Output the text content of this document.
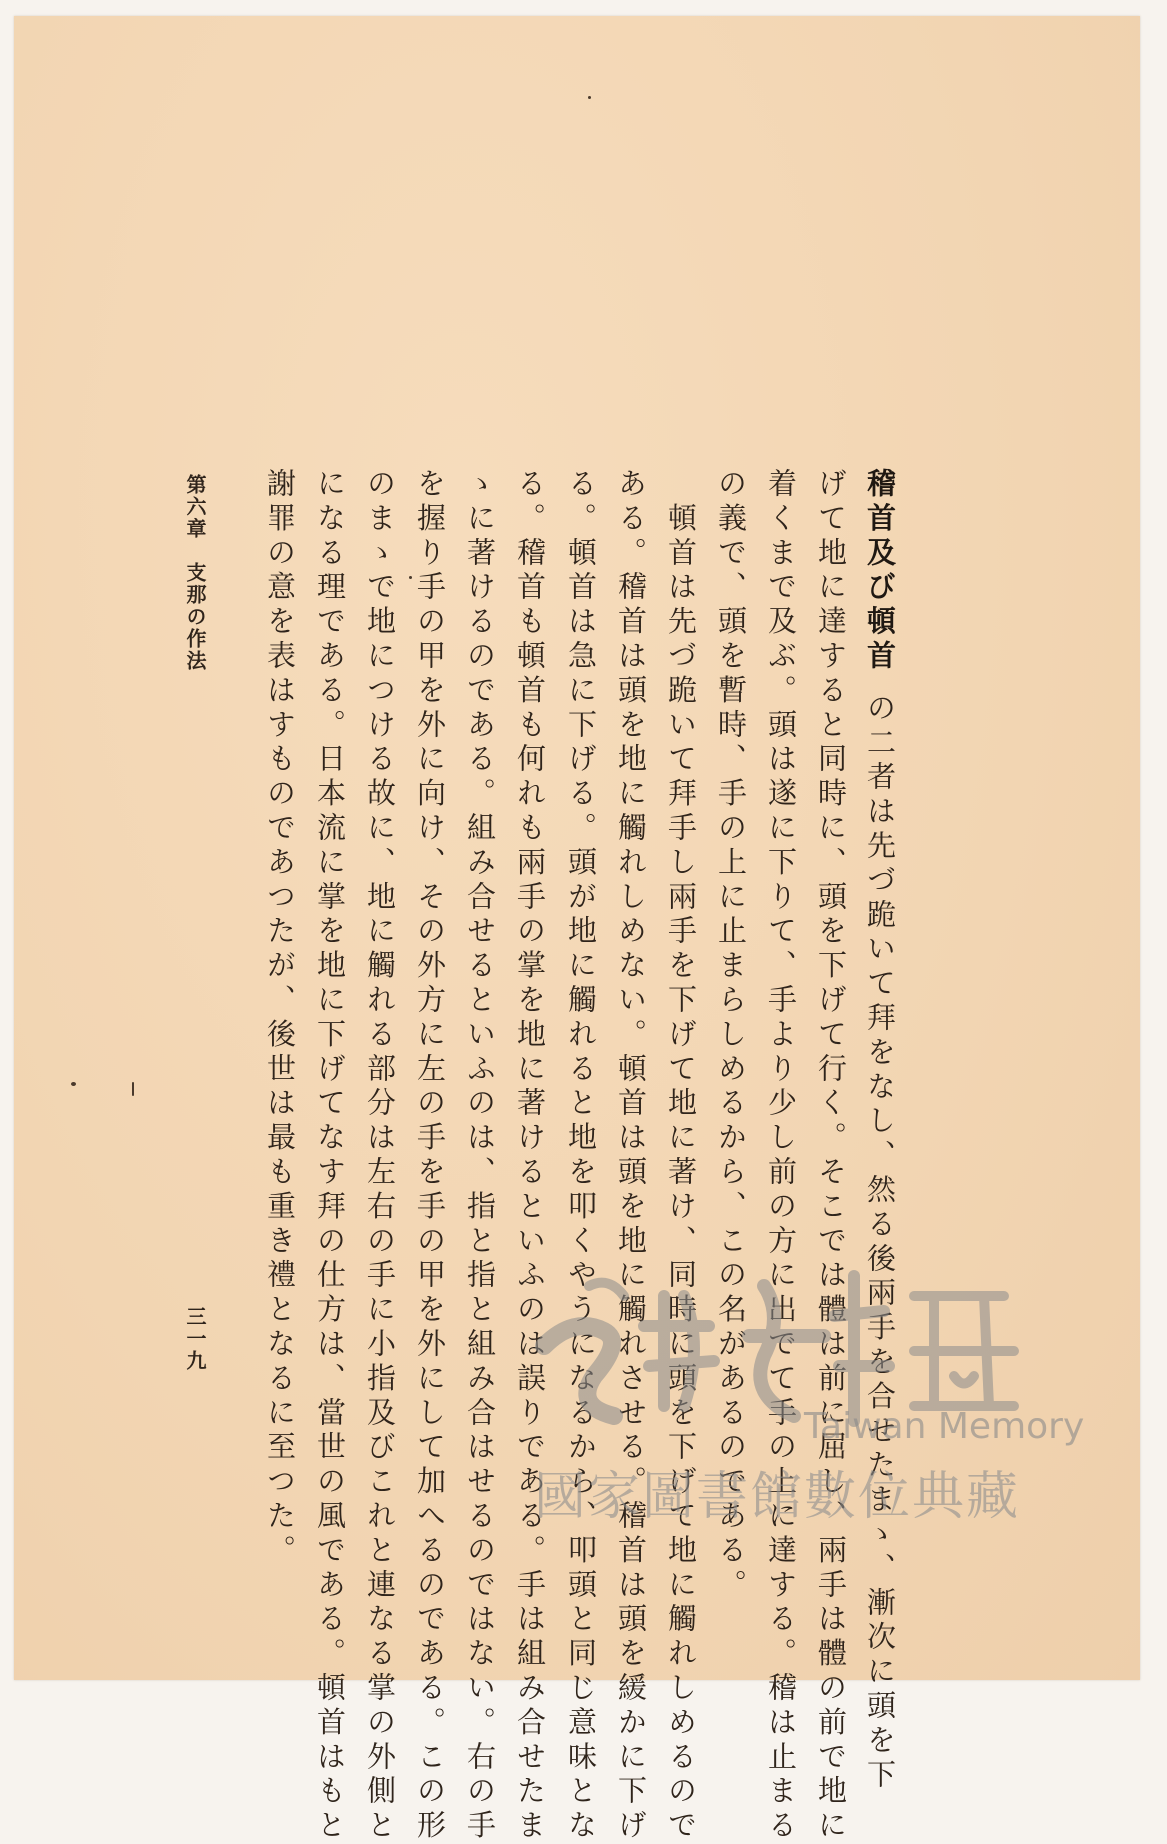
稽首及び頓首の二者は先づ跪いて拜をなし、然る後兩手を合せたまゝ、漸次に頭を下
げて地に達すると同時に、頭を下げて行く。そこでは體は前に屈し、兩手は體の前で地に
着くまで及ぶ。頭は遂に下りて、手より少し前の方に出でて手の上に達する。稽は止まる
の義で、頭を暫時、手の上に止まらしめるから、この名があるのである。
　頓首は先づ跪いて拜手し兩手を下げて地に著け、同時に頭を下げて地に觸れしめるので
ある。稽首は頭を地に觸れしめない。頓首は頭を地に觸れさせる。稽首は頭を緩かに下げ
る。頓首は急に下げる。頭が地に觸れると地を叩くやうになるから、叩頭と同じ意味とな
る。稽首も頓首も何れも兩手の掌を地に著けるといふのは誤りである。手は組み合せたま
ゝに著けるのである。組み合せるといふのは、指と指と組み合はせるのではない。右の手
を握り手の甲を外に向け、その外方に左の手を手の甲を外にして加へるのである。この形
のまゝで地につける故に、地に觸れる部分は左右の手に小指及びこれと連なる掌の外側と
になる理である。日本流に掌を地に下げてなす拜の仕方は、當世の風である。頓首はもと
謝罪の意を表はすものであつたが、後世は最も重き禮となるに至つた。
第六章　支那の作法
三一九
Taiwan Memory
國家圖書館數位典藏
